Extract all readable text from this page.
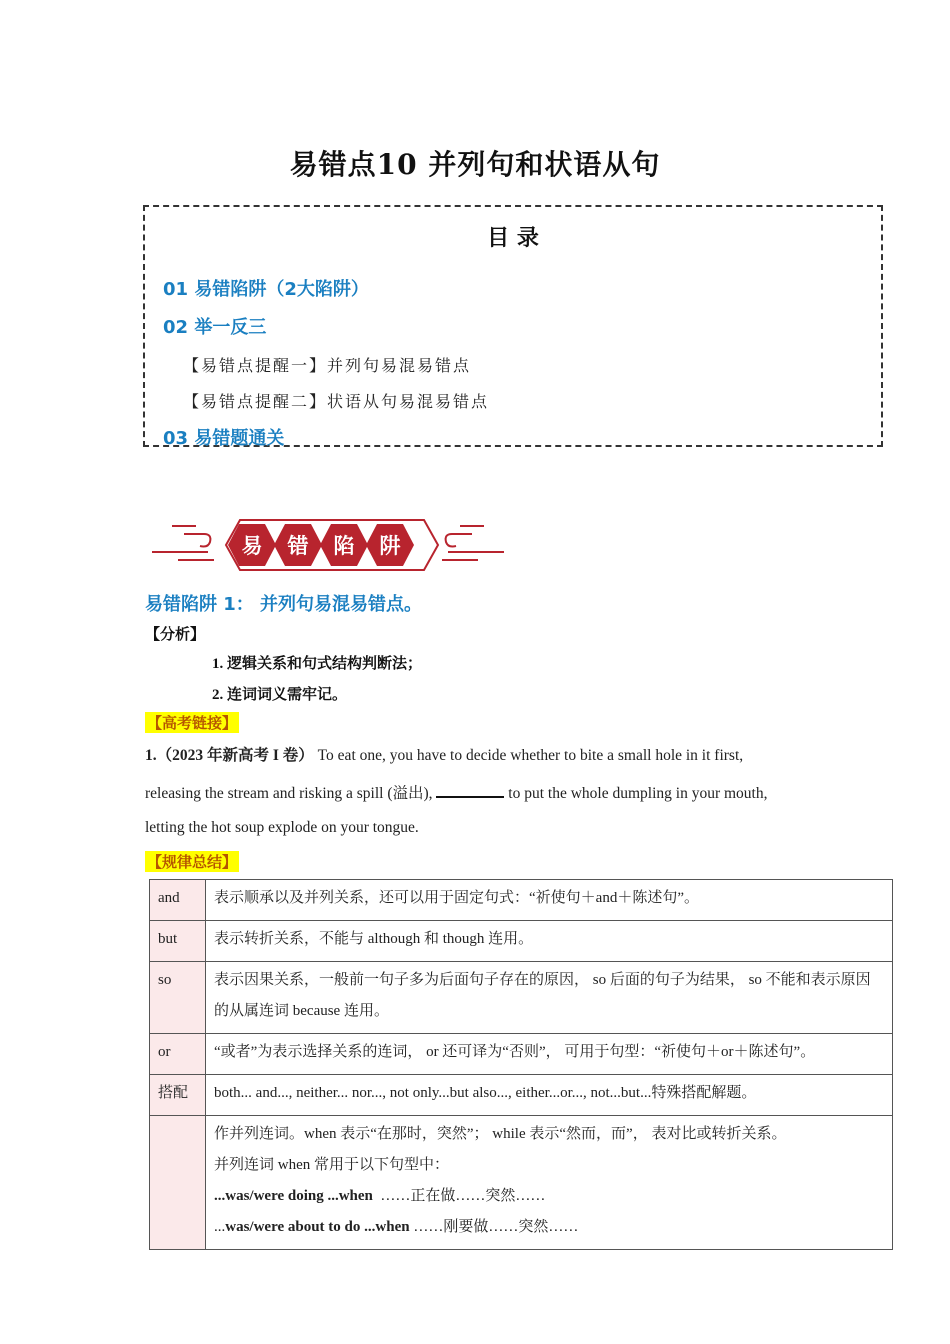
易错点10 并列句和状语从句
目 录
01 易错陷阱（2大陷阱）
02 举一反三
【易错点提醒一】并列句易混易错点
【易错点提醒二】状语从句易混易错点
03 易错题通关
易 错 陷 阱
易错陷阱 1： 并列句易混易错点。
【分析】
1. 逻辑关系和句式结构判断法；
2. 连词词义需牢记。
【高考链接】
1.（2023 年新高考 I 卷） To eat one, you have to decide whether to bite a small hole in it first,
releasing the stream and risking a spill (溢出),	to put the whole dumpling in your mouth,
letting the hot soup explode on your tongue.
【规律总结】
and	表示顺承以及并列关系，还可以用于固定句式：“祈使句＋and＋陈述句”。
but	表示转折关系，不能与 although 和 though 连用。
so	表示因果关系，一般前一句子多为后面句子存在的原因， so 后面的句子为结果， so 不能和表示原因的从属连词 because 连用。
or	“或者”为表示选择关系的连词， or 还可译为“否则”， 可用于句型：“祈使句＋or＋陈述句”。
搭配	both... and..., neither... nor..., not only...but also..., either...or..., not...but...特殊搭配解题。

	作并列连词。when 表示“在那时，突然”； while 表示“然而，而”， 表对比或转折关系。
并列连词 when 常用于以下句型中：
...was/were doing ...when ……正在做……突然……
...was/were about to do ...when ……刚要做……突然……
